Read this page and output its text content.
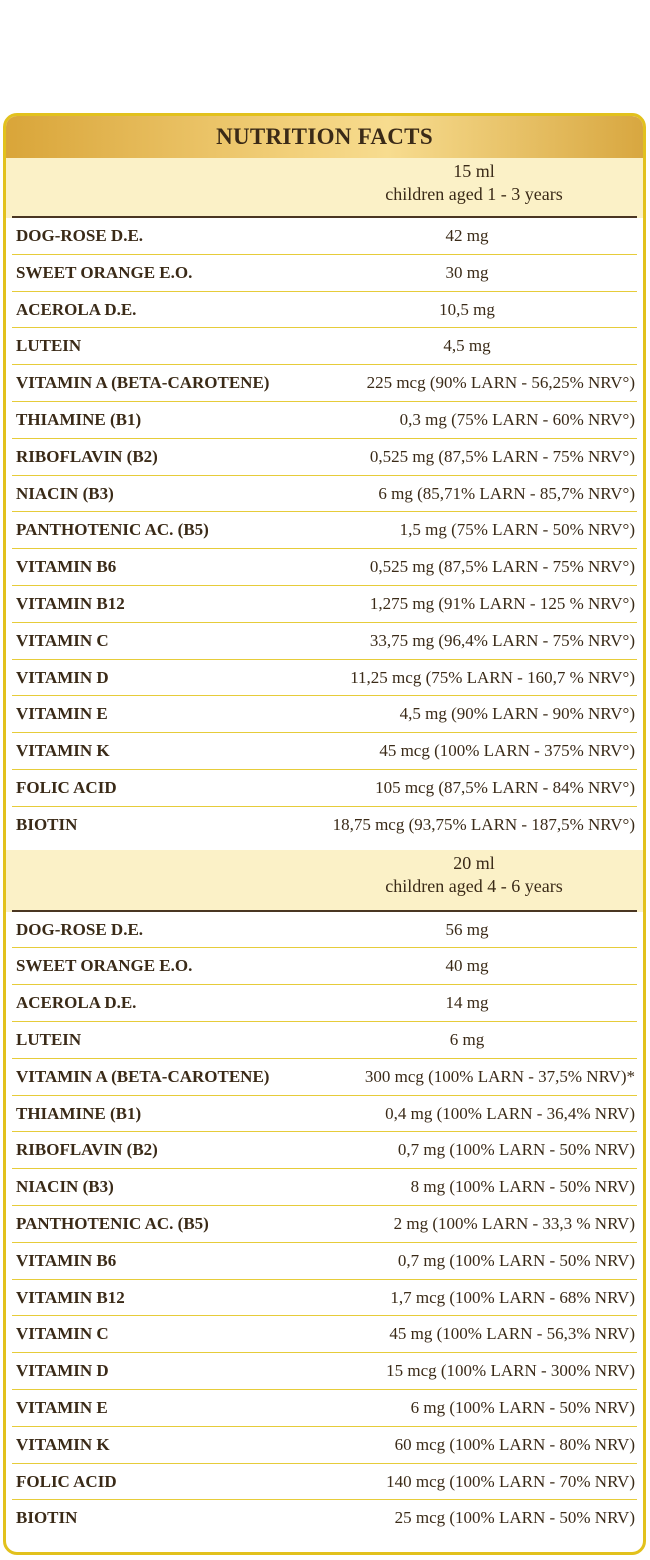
NUTRITION FACTS
15 ml
children aged 1 - 3 years
DOG-ROSE D.E.	42 mg
SWEET ORANGE E.O.	30 mg
ACEROLA D.E.	10,5 mg
LUTEIN	4,5 mg
VITAMIN A (BETA-CAROTENE)	225 mcg (90% LARN - 56,25% NRV°)
THIAMINE (B1)	0,3 mg (75% LARN - 60% NRV°)
RIBOFLAVIN (B2)	0,525 mg (87,5% LARN - 75% NRV°)
NIACIN (B3)	6 mg (85,71% LARN - 85,7% NRV°)
PANTHOTENIC AC. (B5)	1,5 mg (75% LARN - 50% NRV°)
VITAMIN B6	0,525 mg (87,5% LARN - 75% NRV°)
VITAMIN B12	1,275 mg (91% LARN - 125 % NRV°)
VITAMIN C	33,75 mg (96,4% LARN - 75% NRV°)
VITAMIN D	11,25 mcg (75% LARN - 160,7 % NRV°)
VITAMIN E	4,5 mg (90% LARN - 90% NRV°)
VITAMIN K	45 mcg (100% LARN - 375% NRV°)
FOLIC ACID	105 mcg (87,5% LARN - 84% NRV°)
BIOTIN	18,75 mcg (93,75% LARN - 187,5% NRV°)
20 ml
children aged 4 - 6 years
DOG-ROSE D.E.	56 mg
SWEET ORANGE E.O.	40 mg
ACEROLA D.E.	14 mg
LUTEIN	6 mg
VITAMIN A (BETA-CAROTENE)	300 mcg (100% LARN - 37,5% NRV)*
THIAMINE (B1)	0,4 mg (100% LARN - 36,4% NRV)
RIBOFLAVIN (B2)	0,7 mg (100% LARN - 50% NRV)
NIACIN (B3)	8 mg (100% LARN - 50% NRV)
PANTHOTENIC AC. (B5)	2 mg (100% LARN - 33,3 % NRV)
VITAMIN B6	0,7 mg (100% LARN - 50% NRV)
VITAMIN B12	1,7 mcg (100% LARN - 68% NRV)
VITAMIN C	45 mg (100% LARN - 56,3% NRV)
VITAMIN D	15 mcg (100% LARN - 300% NRV)
VITAMIN E	6 mg (100% LARN - 50% NRV)
VITAMIN K	60 mcg (100% LARN - 80% NRV)
FOLIC ACID	140 mcg (100% LARN - 70% NRV)
BIOTIN	25 mcg (100% LARN - 50% NRV)
